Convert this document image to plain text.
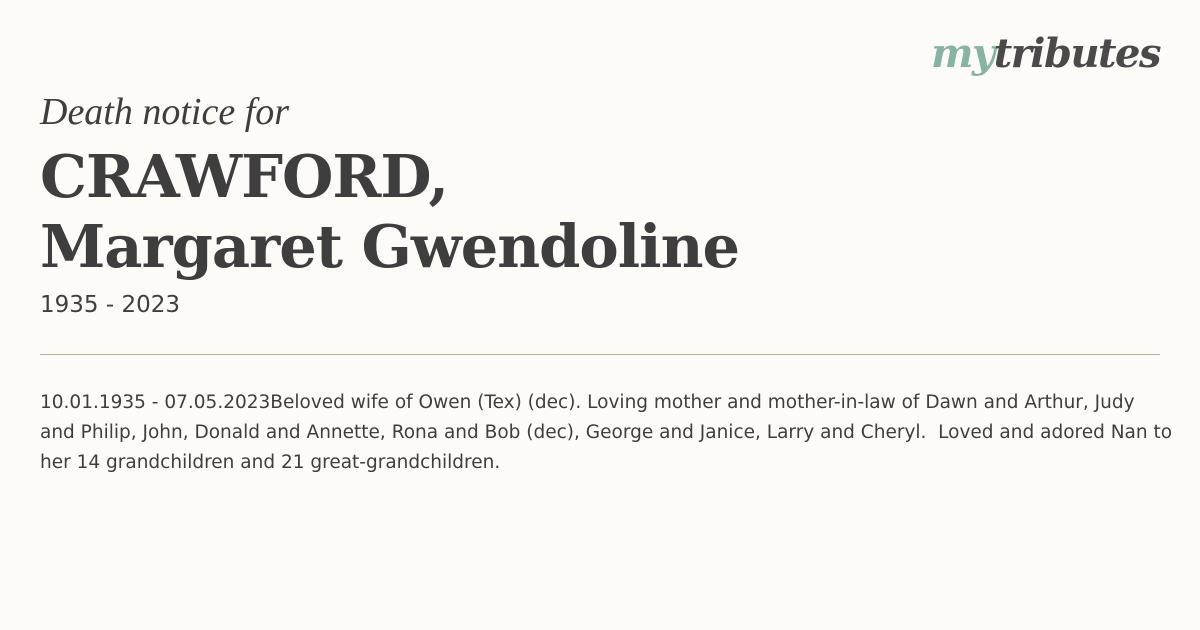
mytributes
Death notice for
CRAWFORD,
Margaret Gwendoline
1935 - 2023
10.01.1935 - 07.05.2023Beloved wife of Owen (Tex) (dec). Loving mother and mother-in-law of Dawn and Arthur, Judy and Philip, John, Donald and Annette, Rona and Bob (dec), George and Janice, Larry and Cheryl.  Loved and adored Nan to her 14 grandchildren and 21 great-grandchildren.
